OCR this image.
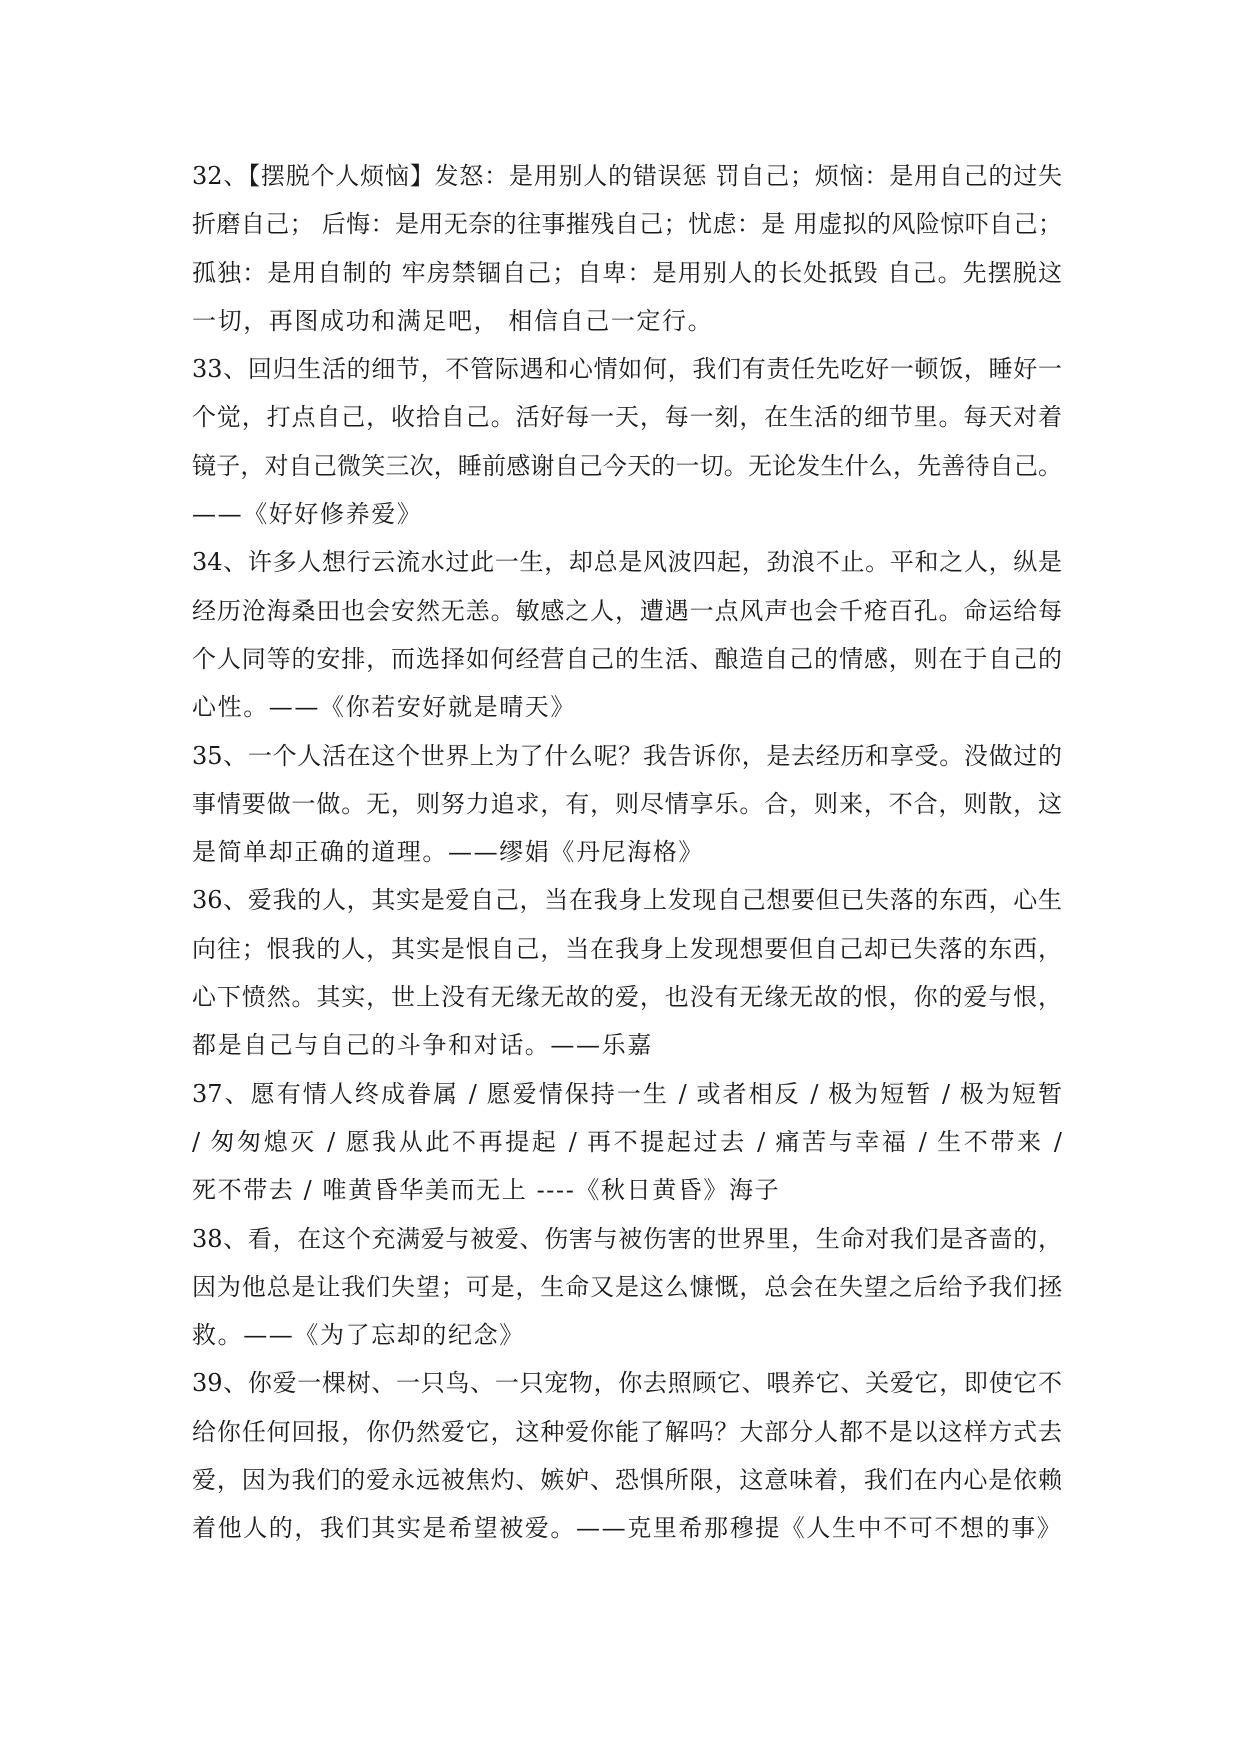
32、【摆脱个人烦恼】发怒：是用别人的错误惩 罚自己；烦恼：是用自己的过失
折磨自己； 后悔：是用无奈的往事摧残自己；忧虑：是 用虚拟的风险惊吓自己；
孤独：是用自制的 牢房禁锢自己；自卑：是用别人的长处抵毁 自己。先摆脱这
一切，再图成功和满足吧， 相信自己一定行。
33、回归生活的细节，不管际遇和心情如何，我们有责任先吃好一顿饭，睡好一
个觉，打点自己，收拾自己。活好每一天，每一刻，在生活的细节里。每天对着
镜子，对自己微笑三次，睡前感谢自己今天的一切。无论发生什么，先善待自己。
——《好好修养爱》
34、许多人想行云流水过此一生，却总是风波四起，劲浪不止。平和之人，纵是
经历沧海桑田也会安然无恙。敏感之人，遭遇一点风声也会千疮百孔。命运给每
个人同等的安排，而选择如何经营自己的生活、酿造自己的情感，则在于自己的
心性。——《你若安好就是晴天》
35、一个人活在这个世界上为了什么呢？我告诉你，是去经历和享受。没做过的
事情要做一做。无，则努力追求，有，则尽情享乐。合，则来，不合，则散，这
是简单却正确的道理。——缪娟《丹尼海格》
36、爱我的人，其实是爱自己，当在我身上发现自己想要但已失落的东西，心生
向往；恨我的人，其实是恨自己，当在我身上发现想要但自己却已失落的东西，
心下愤然。其实，世上没有无缘无故的爱，也没有无缘无故的恨，你的爱与恨，
都是自己与自己的斗争和对话。——乐嘉
37、愿有情人终成眷属 / 愿爱情保持一生 / 或者相反 / 极为短暂 / 极为短暂
/ 匆匆熄灭 / 愿我从此不再提起 / 再不提起过去 / 痛苦与幸福 / 生不带来 /
死不带去 / 唯黄昏华美而无上 ----《秋日黄昏》海子
38、看，在这个充满爱与被爱、伤害与被伤害的世界里，生命对我们是吝啬的，
因为他总是让我们失望；可是，生命又是这么慷慨，总会在失望之后给予我们拯
救。——《为了忘却的纪念》
39、你爱一棵树、一只鸟、一只宠物，你去照顾它、喂养它、关爱它，即使它不
给你任何回报，你仍然爱它，这种爱你能了解吗？大部分人都不是以这样方式去
爱，因为我们的爱永远被焦灼、嫉妒、恐惧所限，这意味着，我们在内心是依赖
着他人的，我们其实是希望被爱。——克里希那穆提《人生中不可不想的事》
